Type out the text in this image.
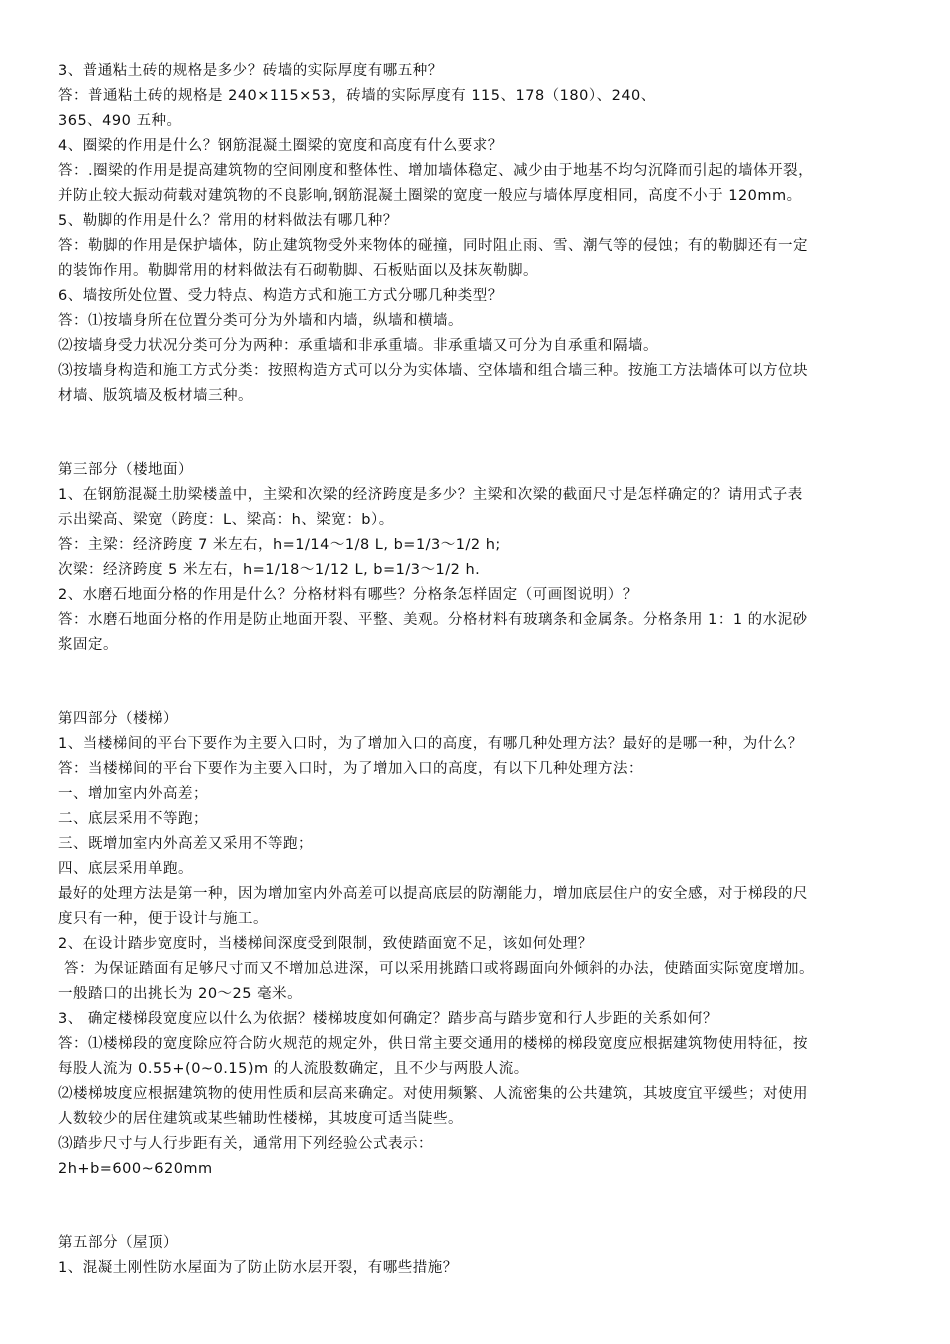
3、普通粘土砖的规格是多少？砖墙的实际厚度有哪五种？

答：普通粘土砖的规格是 240×115×53，砖墙的实际厚度有 115、178（180）、240、

365、490 五种。

4、圈梁的作用是什么？钢筋混凝土圈梁的宽度和高度有什么要求？

答：.圈梁的作用是提高建筑物的空间刚度和整体性、增加墙体稳定、减少由于地基不均匀沉降而引起的墙体开裂，

并防止较大振动荷载对建筑物的不良影响,钢筋混凝土圈梁的宽度一般应与墙体厚度相同，高度不小于 120mm。

5、勒脚的作用是什么？常用的材料做法有哪几种？

答：勒脚的作用是保护墙体，防止建筑物受外来物体的碰撞，同时阻止雨、雪、潮气等的侵蚀；有的勒脚还有一定

的装饰作用。勒脚常用的材料做法有石砌勒脚、石板贴面以及抹灰勒脚。

6、墙按所处位置、受力特点、构造方式和施工方式分哪几种类型？

答：⑴按墙身所在位置分类可分为外墙和内墙，纵墙和横墙。

⑵按墙身受力状况分类可分为两种：承重墙和非承重墙。非承重墙又可分为自承重和隔墙。

⑶按墙身构造和施工方式分类：按照构造方式可以分为实体墙、空体墙和组合墙三种。按施工方法墙体可以方位块

材墙、版筑墙及板材墙三种。

第三部分（楼地面）

1、在钢筋混凝土肋梁楼盖中，主梁和次梁的经济跨度是多少？主梁和次梁的截面尺寸是怎样确定的？请用式子表

示出梁高、梁宽（跨度：L、梁高：h、梁宽：b）。

答：主梁：经济跨度 7 米左右，h=1/14～1/8 L, b=1/3～1/2 h;

次梁：经济跨度 5 米左右，h=1/18～1/12 L, b=1/3～1/2 h.

2、水磨石地面分格的作用是什么？分格材料有哪些？分格条怎样固定（可画图说明）？

答：水磨石地面分格的作用是防止地面开裂、平整、美观。分格材料有玻璃条和金属条。分格条用 1：1 的水泥砂

浆固定。

第四部分（楼梯）

1、当楼梯间的平台下要作为主要入口时，为了增加入口的高度，有哪几种处理方法？最好的是哪一种，为什么？

答：当楼梯间的平台下要作为主要入口时，为了增加入口的高度，有以下几种处理方法：

一、增加室内外高差；

二、底层采用不等跑；

三、既增加室内外高差又采用不等跑；

四、底层采用单跑。

最好的处理方法是第一种，因为增加室内外高差可以提高底层的防潮能力，增加底层住户的安全感，对于梯段的尺

度只有一种，便于设计与施工。

2、在设计踏步宽度时，当楼梯间深度受到限制，致使踏面宽不足，该如何处理？

答：为保证踏面有足够尺寸而又不增加总进深，可以采用挑踏口或将踢面向外倾斜的办法，使踏面实际宽度增加。

一般踏口的出挑长为 20～25 毫米。

3、 确定楼梯段宽度应以什么为依据？楼梯坡度如何确定？踏步高与踏步宽和行人步距的关系如何？

答：⑴楼梯段的宽度除应符合防火规范的规定外，供日常主要交通用的楼梯的梯段宽度应根据建筑物使用特征，按

每股人流为 0.55+(0~0.15)m 的人流股数确定，且不少与两股人流。

⑵楼梯坡度应根据建筑物的使用性质和层高来确定。对使用频繁、人流密集的公共建筑，其坡度宜平缓些；对使用

人数较少的居住建筑或某些辅助性楼梯，其坡度可适当陡些。

⑶踏步尺寸与人行步距有关，通常用下列经验公式表示：

2h+b=600~620mm

第五部分（屋顶）

1、混凝土刚性防水屋面为了防止防水层开裂，有哪些措施？
